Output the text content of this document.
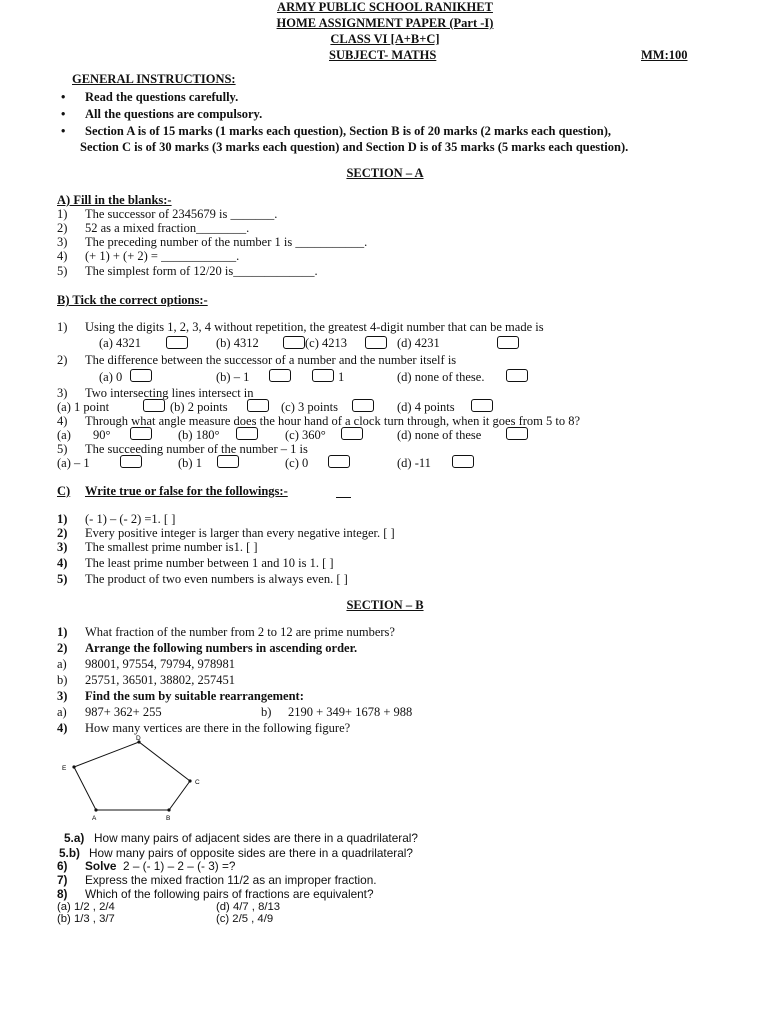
ARMY PUBLIC SCHOOL RANIKHET
HOME ASSIGNMENT PAPER (Part -I)
CLASS VI [A+B+C]
SUBJECT- MATHS	MM:100
GENERAL INSTRUCTIONS:
• Read the questions carefully.
• All the questions are compulsory.
• Section A is of 15 marks (1 marks each question), Section B is of 20 marks (2 marks each question),
Section C is of 30 marks (3 marks each question) and Section D is of 35 marks (5 marks each question).
SECTION – A
A) Fill in the blanks:-
1) The successor of 2345679 is _______.
2) 52 as a mixed fraction________.
3) The preceding number of the number 1 is ___________.
4) (+ 1) + (+ 2) = ____________.
5) The simplest form of 12/20 is_____________.
B) Tick the correct options:-
1) Using the digits 1, 2, 3, 4 without repetition, the greatest 4-digit number that can be made is
(a) 4321	(b) 4312	(c) 4213	(d) 4231
2) The difference between the successor of a number and the number itself is
(a) 0	(b) – 1	1	(d) none of these.
3) Two intersecting lines intersect in
(a) 1 point	(b) 2 points	(c) 3 points	(d) 4 points
4) Through what angle measure does the hour hand of a clock turn through, when it goes from 5 to 8?
(a) 90°	(b) 180°	(c) 360°	(d) none of these
5) The succeeding number of the number – 1 is
(a) – 1	(b) 1	(c) 0	(d) -11
C) Write true or false for the followings:-
1) (- 1) – (- 2) =1. [ ]
2) Every positive integer is larger than every negative integer. [ ]
3) The smallest prime number is1. [ ]
4) The least prime number between 1 and 10 is 1. [ ]
5) The product of two even numbers is always even. [ ]
SECTION – B
1) What fraction of the number from 2 to 12 are prime numbers?
2) Arrange the following numbers in ascending order.
a) 98001, 97554, 79794, 978981
b) 25751, 36501, 38802, 257451
3) Find the sum by suitable rearrangement:
a) 987+ 362+ 255	b) 2190 + 349+ 1678 + 988
4) How many vertices are there in the following figure?
D
E
C
A	B
5.a) How many pairs of adjacent sides are there in a quadrilateral?
5.b) How many pairs of opposite sides are there in a quadrilateral?
6) Solve 2 – (- 1) – 2 – (- 3) =?
7) Express the mixed fraction 11/2 as an improper fraction.
8) Which of the following pairs of fractions are equivalent?
(a) 1/2 , 2/4	(d) 4/7 , 8/13
(b) 1/3 , 3/7	(c) 2/5 , 4/9
